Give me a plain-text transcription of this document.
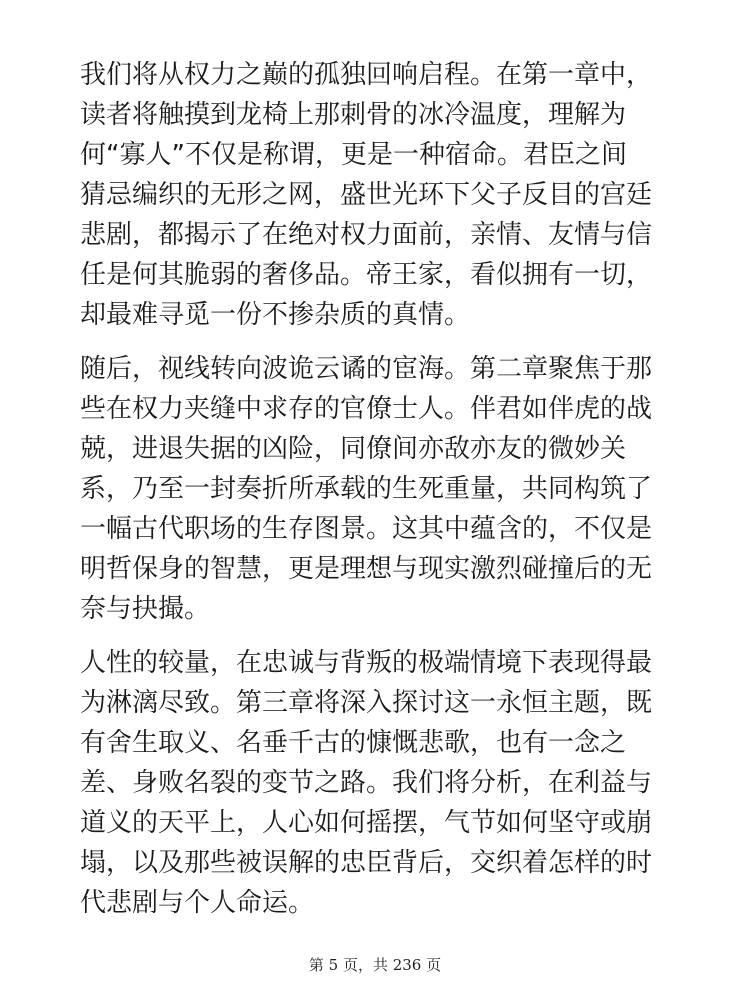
我们将从权力之巅的孤独回响启程。在第一章中，
读者将触摸到龙椅上那刺骨的冰冷温度，理解为
何“寡人”不仅是称谓，更是一种宿命。君臣之间
猜忌编织的无形之网，盛世光环下父子反目的宫廷
悲剧，都揭示了在绝对权力面前，亲情、友情与信
任是何其脆弱的奢侈品。帝王家，看似拥有一切，
却最难寻觅一份不掺杂质的真情。
随后，视线转向波诡云谲的宦海。第二章聚焦于那
些在权力夹缝中求存的官僚士人。伴君如伴虎的战
兢，进退失据的凶险，同僚间亦敌亦友的微妙关
系，乃至一封奏折所承载的生死重量，共同构筑了
一幅古代职场的生存图景。这其中蕴含的，不仅是
明哲保身的智慧，更是理想与现实激烈碰撞后的无
奈与抉撮。
人性的较量，在忠诚与背叛的极端情境下表现得最
为淋漓尽致。第三章将深入探讨这一永恒主题，既
有舍生取义、名垂千古的慷慨悲歌，也有一念之
差、身败名裂的变节之路。我们将分析，在利益与
道义的天平上，人心如何摇摆，气节如何坚守或崩
塌，以及那些被误解的忠臣背后，交织着怎样的时
代悲剧与个人命运。
第 5 页，共 236 页
